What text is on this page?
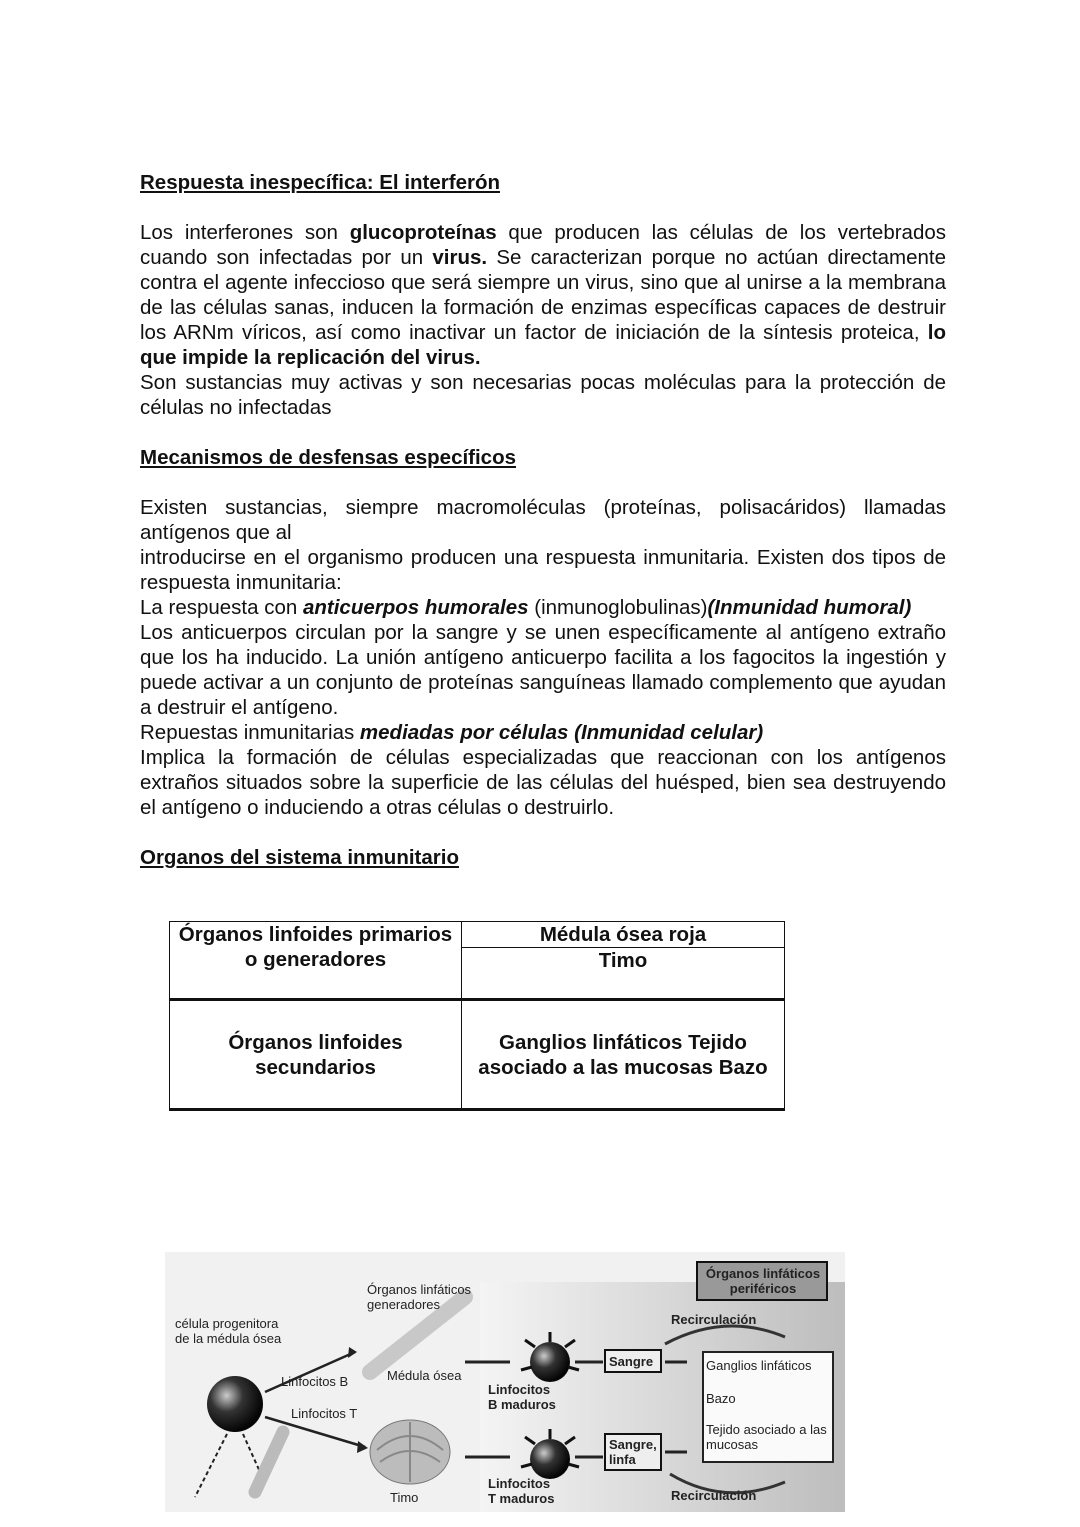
Respuesta inespecífica: El interferón

Los interferones son glucoproteínas que producen las células de los vertebrados cuando son infectadas por un virus. Se caracterizan porque no actúan directamente contra el agente infeccioso que será siempre un virus, sino que al unirse a la membrana de las células sanas, inducen la formación de enzimas específicas capaces de destruir los ARNm víricos, así como inactivar un factor de iniciación de la síntesis proteica, lo que impide la replicación del virus.

Son sustancias muy activas y son necesarias pocas moléculas para la protección de células no infectadas

Mecanismos de desfensas específicos

Existen sustancias, siempre macromoléculas (proteínas, polisacáridos) llamadas antígenos que al

introducirse en el organismo producen una respuesta inmunitaria. Existen dos tipos de respuesta inmunitaria:

La respuesta con anticuerpos humorales (inmunoglobulinas)(Inmunidad humoral)

Los anticuerpos circulan por la sangre y se unen específicamente al antígeno extraño que los ha inducido. La unión antígeno anticuerpo facilita a los fagocitos la ingestión y puede activar a un conjunto de proteínas sanguíneas llamado complemento que ayudan a destruir el antígeno.

Repuestas inmunitarias mediadas por células (Inmunidad celular)

Implica la formación de células especializadas que reaccionan con los antígenos extraños situados sobre la superficie de las células del huésped, bien sea destruyendo el antígeno o induciendo a otras células o destruirlo.

Organos del sistema inmunitario

Órganos linfoides primarios o generadores	Médula ósea roja
	Timo
Órganos linfoides secundarios	Ganglios linfáticos Tejido asociado a las mucosas Bazo
célula progenitora de la médula ósea
Órganos linfáticos generadores
Linfocitos B
Linfocitos T
Médula ósea
Timo
Linfocitos B maduros
Linfocitos T maduros
Sangre
Sangre, linfa
Órganos linfáticos periféricos
Recirculación
Recirculación
Ganglios linfáticos
Bazo
Tejido asociado a las mucosas
